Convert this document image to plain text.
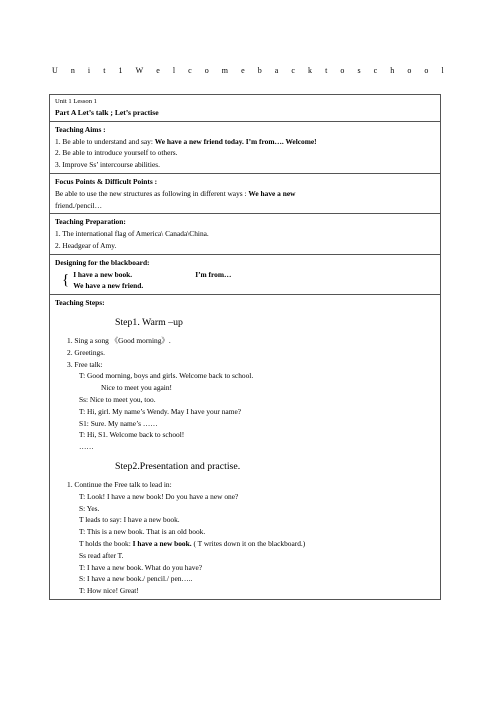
U n i t 1 W e l c o m e b a c k t o s c h o o l
Unit 1 Lesson 1
Part A Let’s talk ; Let’s practise
Teaching Aims :
1. Be able to understand and say: We have a new friend today. I’m from…. Welcome!
2. Be able to introduce yourself to others.
3. Improve Ss’ intercourse abilities.
Focus Points & Difficult Points :
Be able to use the new structures as following in different ways : We have a new
friend./pencil…
Teaching Preparation:
1. The international flag of America\ Canada\China.
2. Headgear of Amy.
Designing for the blackboard:
{ I have a new book.	I’m from…
We have a new friend.
Teaching Steps:
Step1. Warm –up
1. Sing a song 《Good morning》.
2. Greetings.
3. Free talk:
T: Good morning, boys and girls. Welcome back to school.
Nice to meet you again!
Ss: Nice to meet you, too.
T: Hi, girl. My name’s Wendy. May I have your name?
S1: Sure. My name’s ……
T: Hi, S1. Welcome back to school!
……
Step2.Presentation and practise.
1. Continue the Free talk to lead in:
T: Look! I have a new book! Do you have a new one?
S: Yes.
T leads to say: I have a new book.
T: This is a new book. That is an old book.
T holds the book: I have a new book. ( T writes down it on the blackboard.)
Ss read after T.
T: I have a new book. What do you have?
S: I have a new book./ pencil./ pen…..
T: How nice! Great!
